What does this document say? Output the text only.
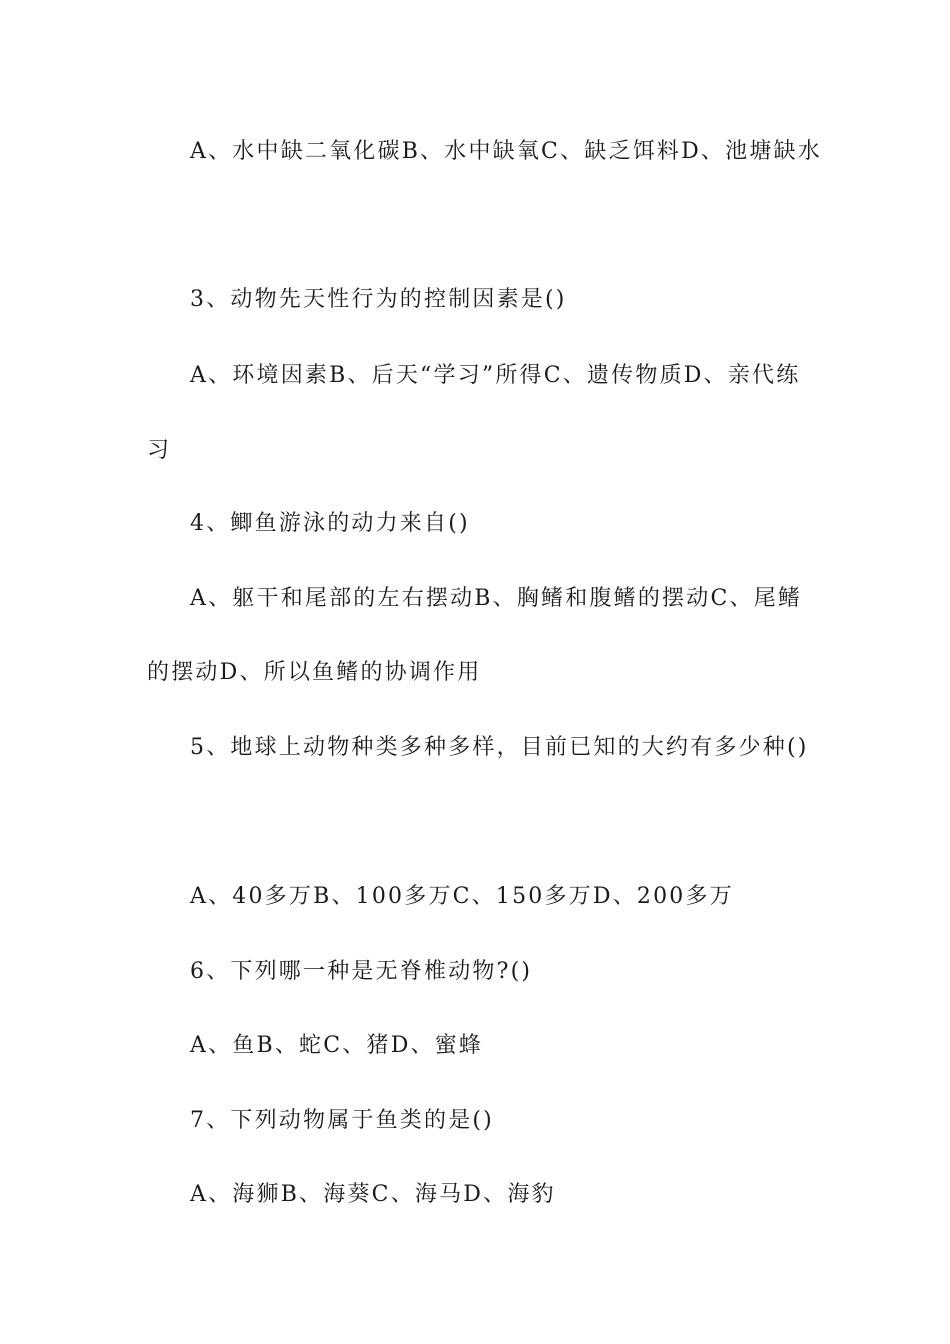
A、水中缺二氧化碳B、水中缺氧C、缺乏饵料D、池塘缺水
3、动物先天性行为的控制因素是()
A、环境因素B、后天“学习”所得C、遗传物质D、亲代练
习
4、鲫鱼游泳的动力来自()
A、躯干和尾部的左右摆动B、胸鳍和腹鳍的摆动C、尾鳍
的摆动D、所以鱼鳍的协调作用
5、地球上动物种类多种多样，目前已知的大约有多少种()
A、40多万B、100多万C、150多万D、200多万
6、下列哪一种是无脊椎动物?()
A、鱼B、蛇C、猪D、蜜蜂
7、下列动物属于鱼类的是()
A、海狮B、海葵C、海马D、海豹
